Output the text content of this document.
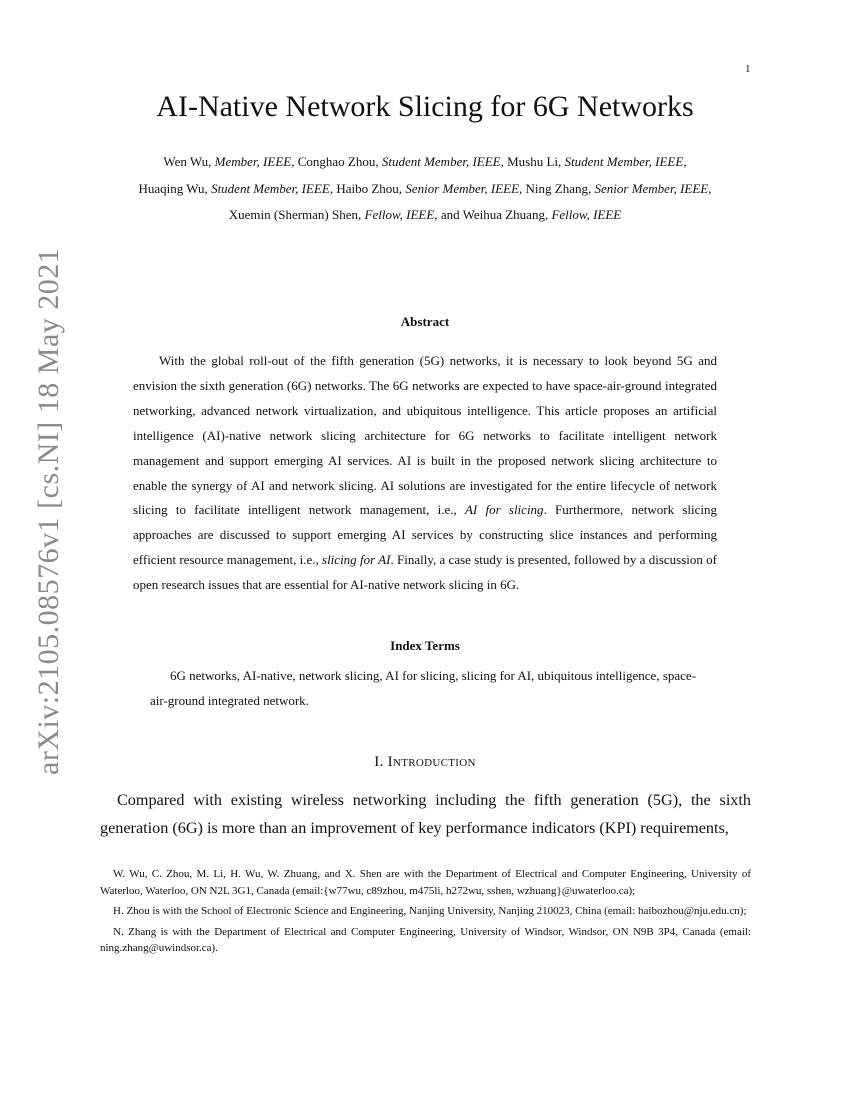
1
arXiv:2105.08576v1 [cs.NI] 18 May 2021
AI-Native Network Slicing for 6G Networks
Wen Wu, Member, IEEE, Conghao Zhou, Student Member, IEEE, Mushu Li, Student Member, IEEE,
Huaqing Wu, Student Member, IEEE, Haibo Zhou, Senior Member, IEEE, Ning Zhang, Senior Member, IEEE,
Xuemin (Sherman) Shen, Fellow, IEEE, and Weihua Zhuang, Fellow, IEEE
Abstract

With the global roll-out of the fifth generation (5G) networks, it is necessary to look beyond 5G and envision the sixth generation (6G) networks. The 6G networks are expected to have space-air-ground integrated networking, advanced network virtualization, and ubiquitous intelligence. This article proposes an artificial intelligence (AI)-native network slicing architecture for 6G networks to facilitate intelligent network management and support emerging AI services. AI is built in the proposed network slicing architecture to enable the synergy of AI and network slicing. AI solutions are investigated for the entire lifecycle of network slicing to facilitate intelligent network management, i.e., AI for slicing. Furthermore, network slicing approaches are discussed to support emerging AI services by constructing slice instances and performing efficient resource management, i.e., slicing for AI. Finally, a case study is presented, followed by a discussion of open research issues that are essential for AI-native network slicing in 6G.

Index Terms

6G networks, AI-native, network slicing, AI for slicing, slicing for AI, ubiquitous intelligence, space-air-ground integrated network.

I. Introduction

Compared with existing wireless networking including the fifth generation (5G), the sixth generation (6G) is more than an improvement of key performance indicators (KPI) requirements,

W. Wu, C. Zhou, M. Li, H. Wu, W. Zhuang, and X. Shen are with the Department of Electrical and Computer Engineering, University of Waterloo, Waterloo, ON N2L 3G1, Canada (email:{w77wu, c89zhou, m475li, h272wu, sshen, wzhuang}@uwaterloo.ca);

H. Zhou is with the School of Electronic Science and Engineering, Nanjing University, Nanjing 210023, China (email: haibozhou@nju.edu.cn);

N. Zhang is with the Department of Electrical and Computer Engineering, University of Windsor, Windsor, ON N9B 3P4, Canada (email: ning.zhang@uwindsor.ca).
